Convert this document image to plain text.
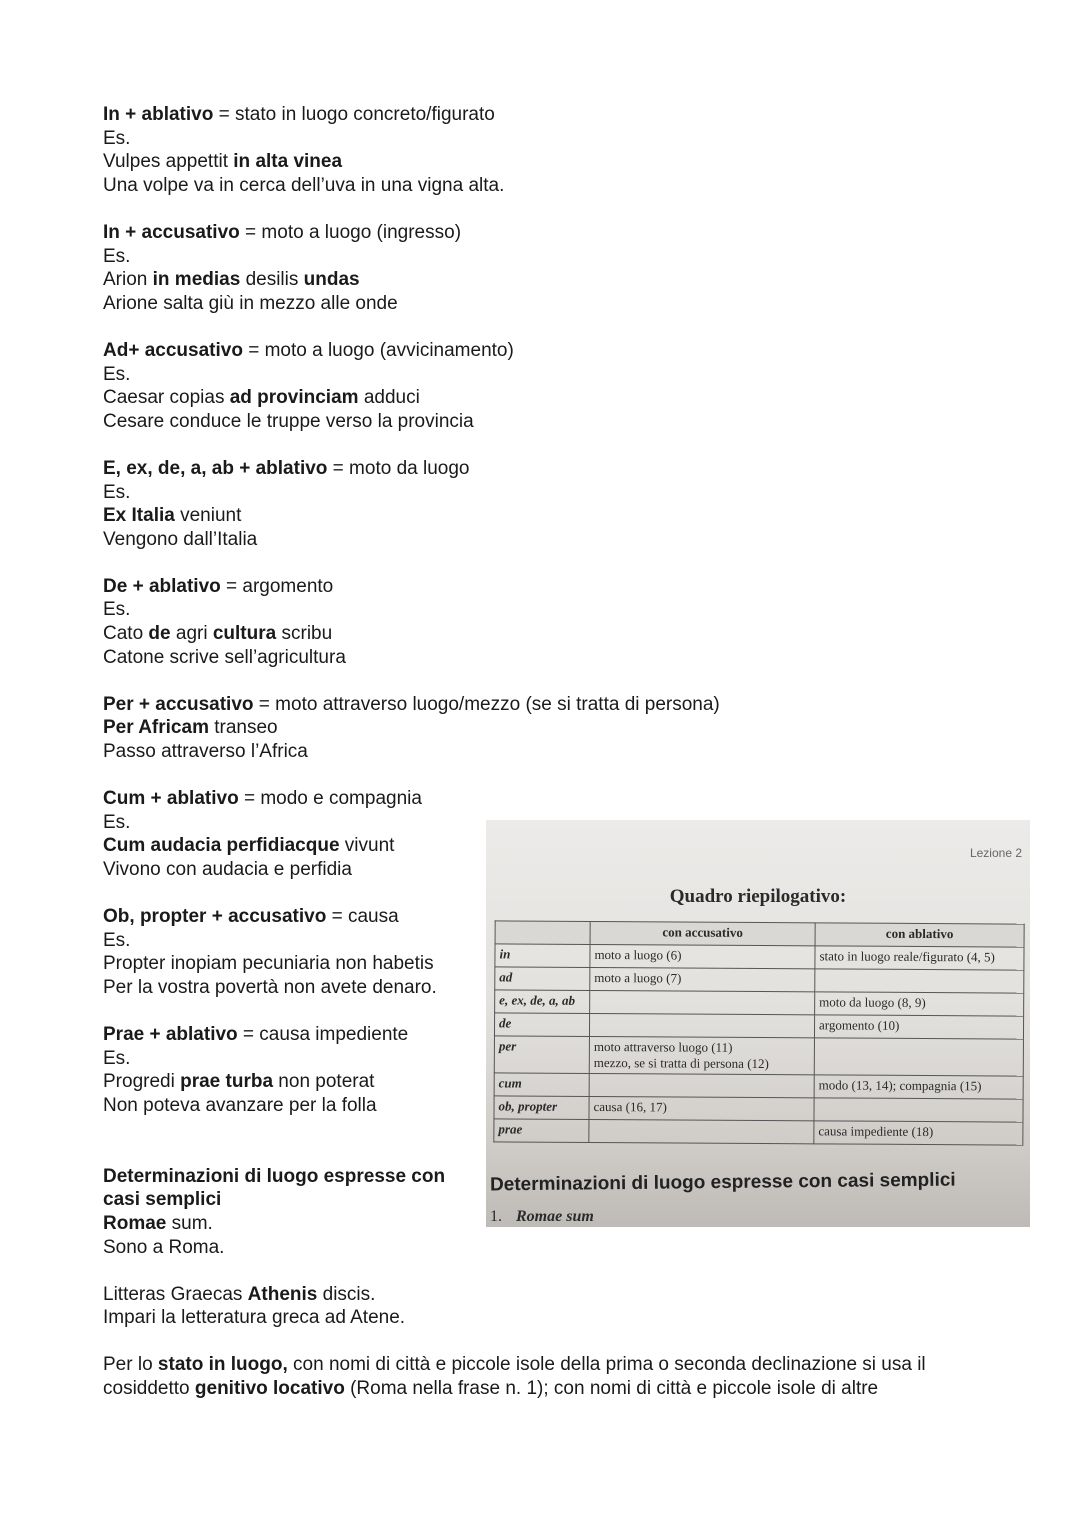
In + ablativo = stato in luogo concreto/figurato
Es.
Vulpes appettit in alta vinea
Una volpe va in cerca dell’uva in una vigna alta.
In + accusativo = moto a luogo (ingresso)
Es.
Arion in medias desilis undas
Arione salta giù in mezzo alle onde
Ad+ accusativo = moto a luogo (avvicinamento)
Es.
Caesar copias ad provinciam adduci
Cesare conduce le truppe verso la provincia
E, ex, de, a, ab + ablativo = moto da luogo
Es.
Ex Italia veniunt
Vengono dall’Italia
De + ablativo = argomento
Es.
Cato de agri cultura scribu
Catone scrive sell’agricultura
Per + accusativo = moto attraverso luogo/mezzo (se si tratta di persona)
Per Africam transeo
Passo attraverso l’Africa
Cum + ablativo = modo e compagnia
Es.
Cum audacia perfidiacque vivunt
Vivono con audacia e perfidia
Ob, propter + accusativo = causa
Es.
Propter inopiam pecuniaria non habetis
Per la vostra povertà non avete denaro.
Prae + ablativo = causa impediente
Es.
Progredi prae turba non poterat
Non poteva avanzare per la folla
Determinazioni di luogo espresse con
casi semplici
Romae sum.
Sono a Roma.
Litteras Graecas Athenis discis.
Impari la letteratura greca ad Atene.
Per lo stato in luogo, con nomi di città e piccole isole della prima o seconda declinazione si usa il
cosiddetto genitivo locativo (Roma nella frase n. 1); con nomi di città e piccole isole di altre
Lezione 2
Quadro riepilogativo:
	con accusativo	con ablativo
in	moto a luogo (6)	stato in luogo reale/figurato (4, 5)
ad	moto a luogo (7)	
e, ex, de, a, ab		moto da luogo (8, 9)
de		argomento (10)
per	moto attraverso luogo (11)
mezzo, se si tratta di persona (12)	
cum		modo (13, 14); compagnia (15)
ob, propter	causa (16, 17)	
prae		causa impediente (18)
Determinazioni di luogo espresse con casi semplici
1. Romae sum
